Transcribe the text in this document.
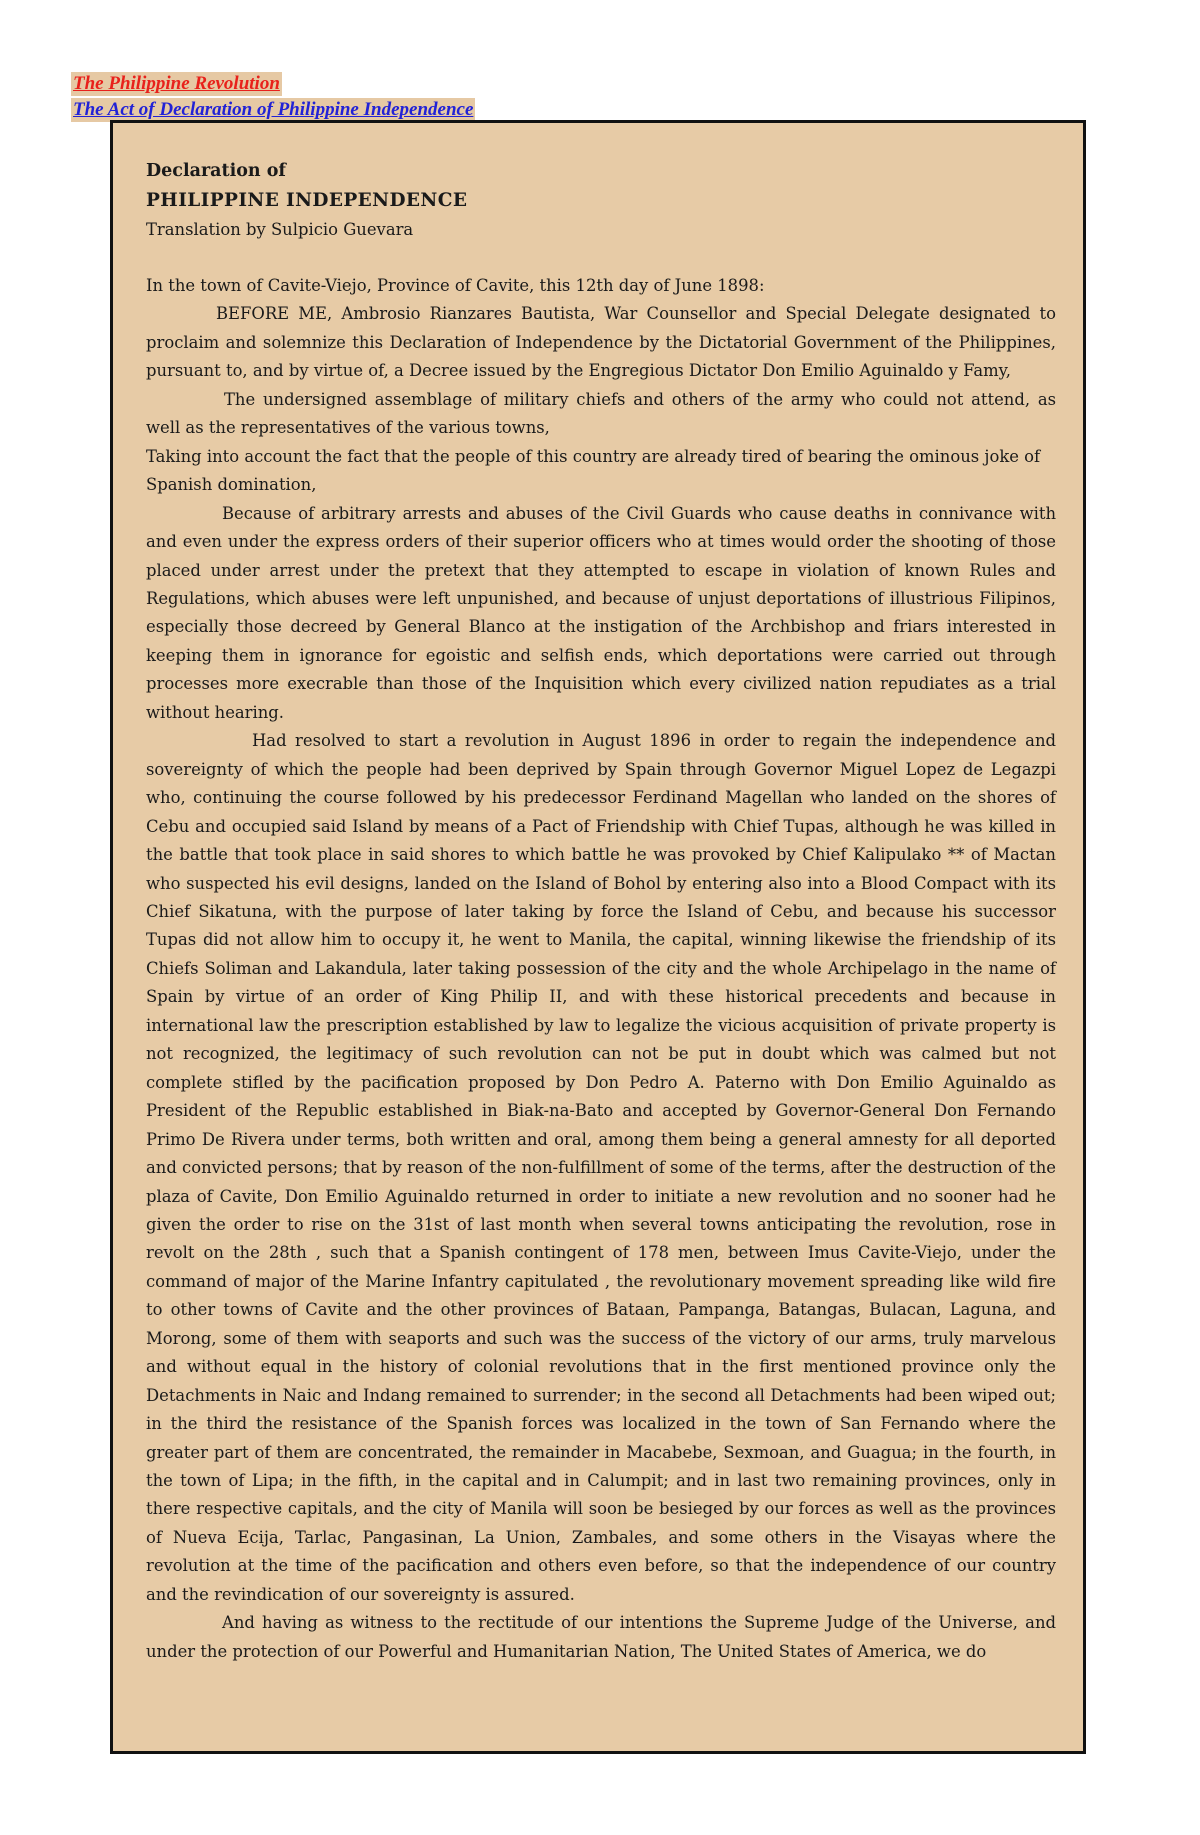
The Philippine Revolution
The Act of Declaration of Philippine Independence
Declaration of
PHILIPPINE INDEPENDENCE
Translation by Sulpicio Guevara
In the town of Cavite-Viejo, Province of Cavite, this 12th day of June 1898:
BEFORE ME, Ambrosio Rianzares Bautista, War Counsellor and Special Delegate designated to proclaim and solemnize this Declaration of Independence by the Dictatorial Government of the Philippines, pursuant to, and by virtue of, a Decree issued by the Engregious Dictator Don Emilio Aguinaldo y Famy,
The undersigned assemblage of military chiefs and others of the army who could not attend, as well as the representatives of the various towns,
Taking into account the fact that the people of this country are already tired of bearing the ominous joke of Spanish domination,
Because of arbitrary arrests and abuses of the Civil Guards who cause deaths in connivance with and even under the express orders of their superior officers who at times would order the shooting of those placed under arrest under the pretext that they attempted to escape in violation of known Rules and Regulations, which abuses were left unpunished, and because of unjust deportations of illustrious Filipinos, especially those decreed by General Blanco at the instigation of the Archbishop and friars interested in keeping them in ignorance for egoistic and selfish ends, which deportations were carried out through processes more execrable than those of the Inquisition which every civilized nation repudiates as a trial without hearing.
Had resolved to start a revolution in August 1896 in order to regain the independence and sovereignty of which the people had been deprived by Spain through Governor Miguel Lopez de Legazpi who, continuing the course followed by his predecessor Ferdinand Magellan who landed on the shores of Cebu and occupied said Island by means of a Pact of Friendship with Chief Tupas, although he was killed in the battle that took place in said shores to which battle he was provoked by Chief Kalipulako ** of Mactan who suspected his evil designs, landed on the Island of Bohol by entering also into a Blood Compact with its Chief Sikatuna, with the purpose of later taking by force the Island of Cebu, and because his successor Tupas did not allow him to occupy it, he went to Manila, the capital, winning likewise the friendship of its Chiefs Soliman and Lakandula, later taking possession of the city and the whole Archipelago in the name of Spain by virtue of an order of King Philip II, and with these historical precedents and because in international law the prescription established by law to legalize the vicious acquisition of private property is not recognized, the legitimacy of such revolution can not be put in doubt which was calmed but not complete stifled by the pacification proposed by Don Pedro A. Paterno with Don Emilio Aguinaldo as President of the Republic established in Biak-na-Bato and accepted by Governor-General Don Fernando Primo De Rivera under terms, both written and oral, among them being a general amnesty for all deported and convicted persons; that by reason of the non-fulfillment of some of the terms, after the destruction of the plaza of Cavite, Don Emilio Aguinaldo returned in order to initiate a new revolution and no sooner had he given the order to rise on the 31st of last month when several towns anticipating the revolution, rose in revolt on the 28th , such that a Spanish contingent of 178 men, between Imus Cavite-Viejo, under the command of major of the Marine Infantry capitulated , the revolutionary movement spreading like wild fire to other towns of Cavite and the other provinces of Bataan, Pampanga, Batangas, Bulacan, Laguna, and Morong, some of them with seaports and such was the success of the victory of our arms, truly marvelous and without equal in the history of colonial revolutions that in the first mentioned province only the Detachments in Naic and Indang remained to surrender; in the second all Detachments had been wiped out; in the third the resistance of the Spanish forces was localized in the town of San Fernando where the greater part of them are concentrated, the remainder in Macabebe, Sexmoan, and Guagua; in the fourth, in the town of Lipa; in the fifth, in the capital and in Calumpit; and in last two remaining provinces, only in there respective capitals, and the city of Manila will soon be besieged by our forces as well as the provinces of Nueva Ecija, Tarlac, Pangasinan, La Union, Zambales, and some others in the Visayas where the revolution at the time of the pacification and others even before, so that the independence of our country and the revindication of our sovereignty is assured.
And having as witness to the rectitude of our intentions the Supreme Judge of the Universe, and under the protection of our Powerful and Humanitarian Nation, The United States of America, we do
